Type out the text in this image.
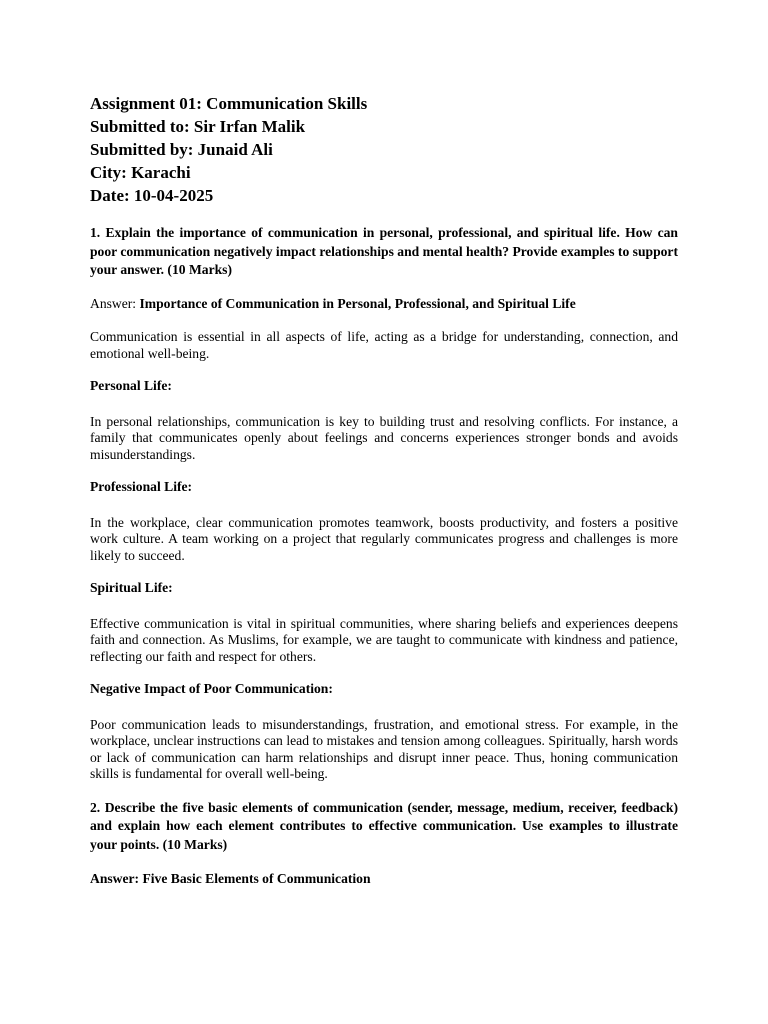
Assignment 01: Communication Skills
Submitted to: Sir Irfan Malik
Submitted by: Junaid Ali
City: Karachi
Date: 10-04-2025
1. Explain the importance of communication in personal, professional, and spiritual life. How can poor communication negatively impact relationships and mental health? Provide examples to support your answer. (10 Marks)
Answer: Importance of Communication in Personal, Professional, and Spiritual Life
Communication is essential in all aspects of life, acting as a bridge for understanding, connection, and emotional well-being.
Personal Life:
In personal relationships, communication is key to building trust and resolving conflicts. For instance, a family that communicates openly about feelings and concerns experiences stronger bonds and avoids misunderstandings.
Professional Life:
In the workplace, clear communication promotes teamwork, boosts productivity, and fosters a positive work culture. A team working on a project that regularly communicates progress and challenges is more likely to succeed.
Spiritual Life:
Effective communication is vital in spiritual communities, where sharing beliefs and experiences deepens faith and connection. As Muslims, for example, we are taught to communicate with kindness and patience, reflecting our faith and respect for others.
Negative Impact of Poor Communication:
Poor communication leads to misunderstandings, frustration, and emotional stress. For example, in the workplace, unclear instructions can lead to mistakes and tension among colleagues. Spiritually, harsh words or lack of communication can harm relationships and disrupt inner peace. Thus, honing communication skills is fundamental for overall well-being.
2. Describe the five basic elements of communication (sender, message, medium, receiver, feedback) and explain how each element contributes to effective communication. Use examples to illustrate your points. (10 Marks)
Answer: Five Basic Elements of Communication
